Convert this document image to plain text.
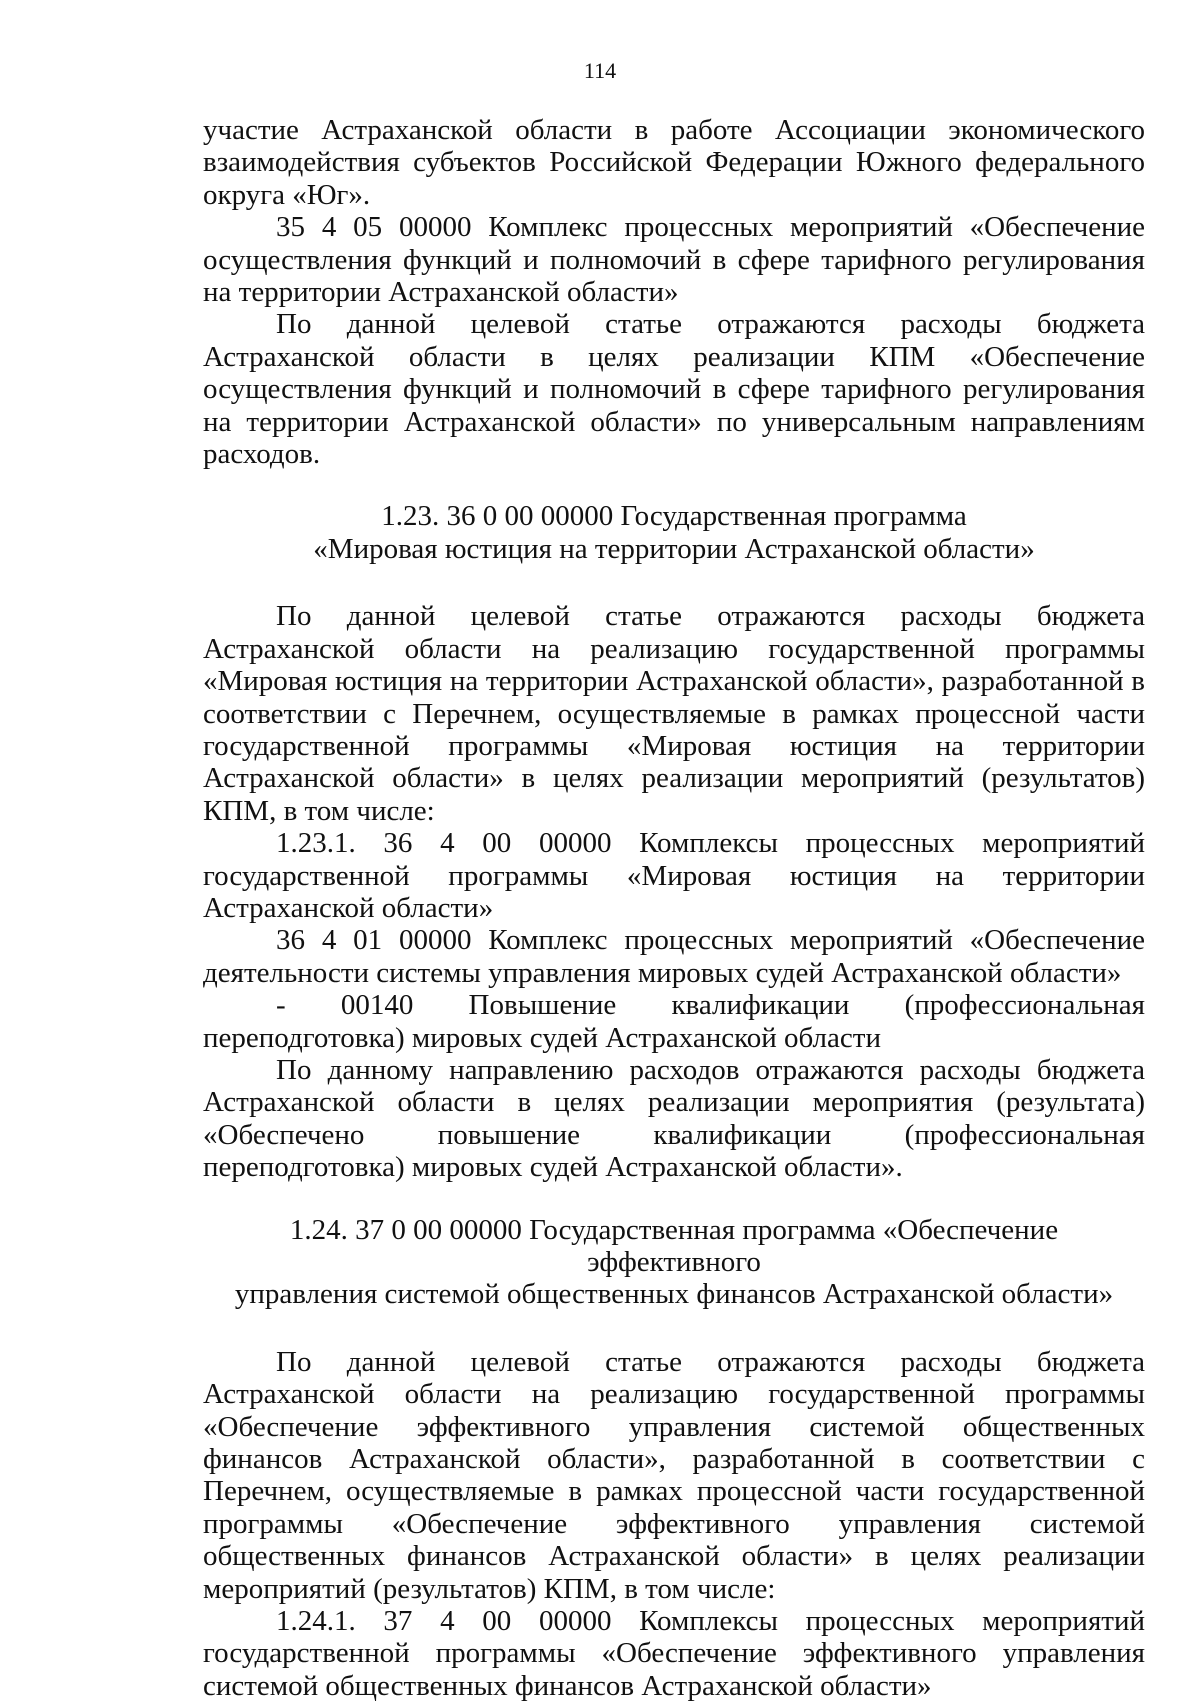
114

участие Астраханской области в работе Ассоциации экономического взаимодействия субъектов Российской Федерации Южного федерального округа «Юг».

35 4 05 00000 Комплекс процессных мероприятий «Обеспечение осуществления функций и полномочий в сфере тарифного регулирования на территории Астраханской области»

По данной целевой статье отражаются расходы бюджета Астраханской области в целях реализации КПМ «Обеспечение осуществления функций и полномочий в сфере тарифного регулирования на территории Астраханской области» по универсальным направлениям расходов.

1.23. 36 0 00 00000 Государственная программа
«Мировая юстиция на территории Астраханской области»

По данной целевой статье отражаются расходы бюджета Астраханской области на реализацию государственной программы «Мировая юстиция на территории Астраханской области», разработанной в соответствии с Перечнем, осуществляемые в рамках процессной части государственной программы «Мировая юстиция на территории Астраханской области» в целях реализации мероприятий (результатов) КПМ, в том числе:

1.23.1. 36 4 00 00000 Комплексы процессных мероприятий государственной программы «Мировая юстиция на территории Астраханской области»

36 4 01 00000 Комплекс процессных мероприятий «Обеспечение деятельности системы управления мировых судей Астраханской области»

- 00140 Повышение квалификации (профессиональная переподготовка) мировых судей Астраханской области

По данному направлению расходов отражаются расходы бюджета Астраханской области в целях реализации мероприятия (результата) «Обеспечено повышение квалификации (профессиональная переподготовка) мировых судей Астраханской области».

1.24. 37 0 00 00000 Государственная программа «Обеспечение эффективного
управления системой общественных финансов Астраханской области»

По данной целевой статье отражаются расходы бюджета Астраханской области на реализацию государственной программы «Обеспечение эффективного управления системой общественных финансов Астраханской области», разработанной в соответствии с Перечнем, осуществляемые в рамках процессной части государственной программы «Обеспечение эффективного управления системой общественных финансов Астраханской области» в целях реализации мероприятий (результатов) КПМ, в том числе:

1.24.1. 37 4 00 00000 Комплексы процессных мероприятий государственной программы «Обеспечение эффективного управления системой общественных финансов Астраханской области»
